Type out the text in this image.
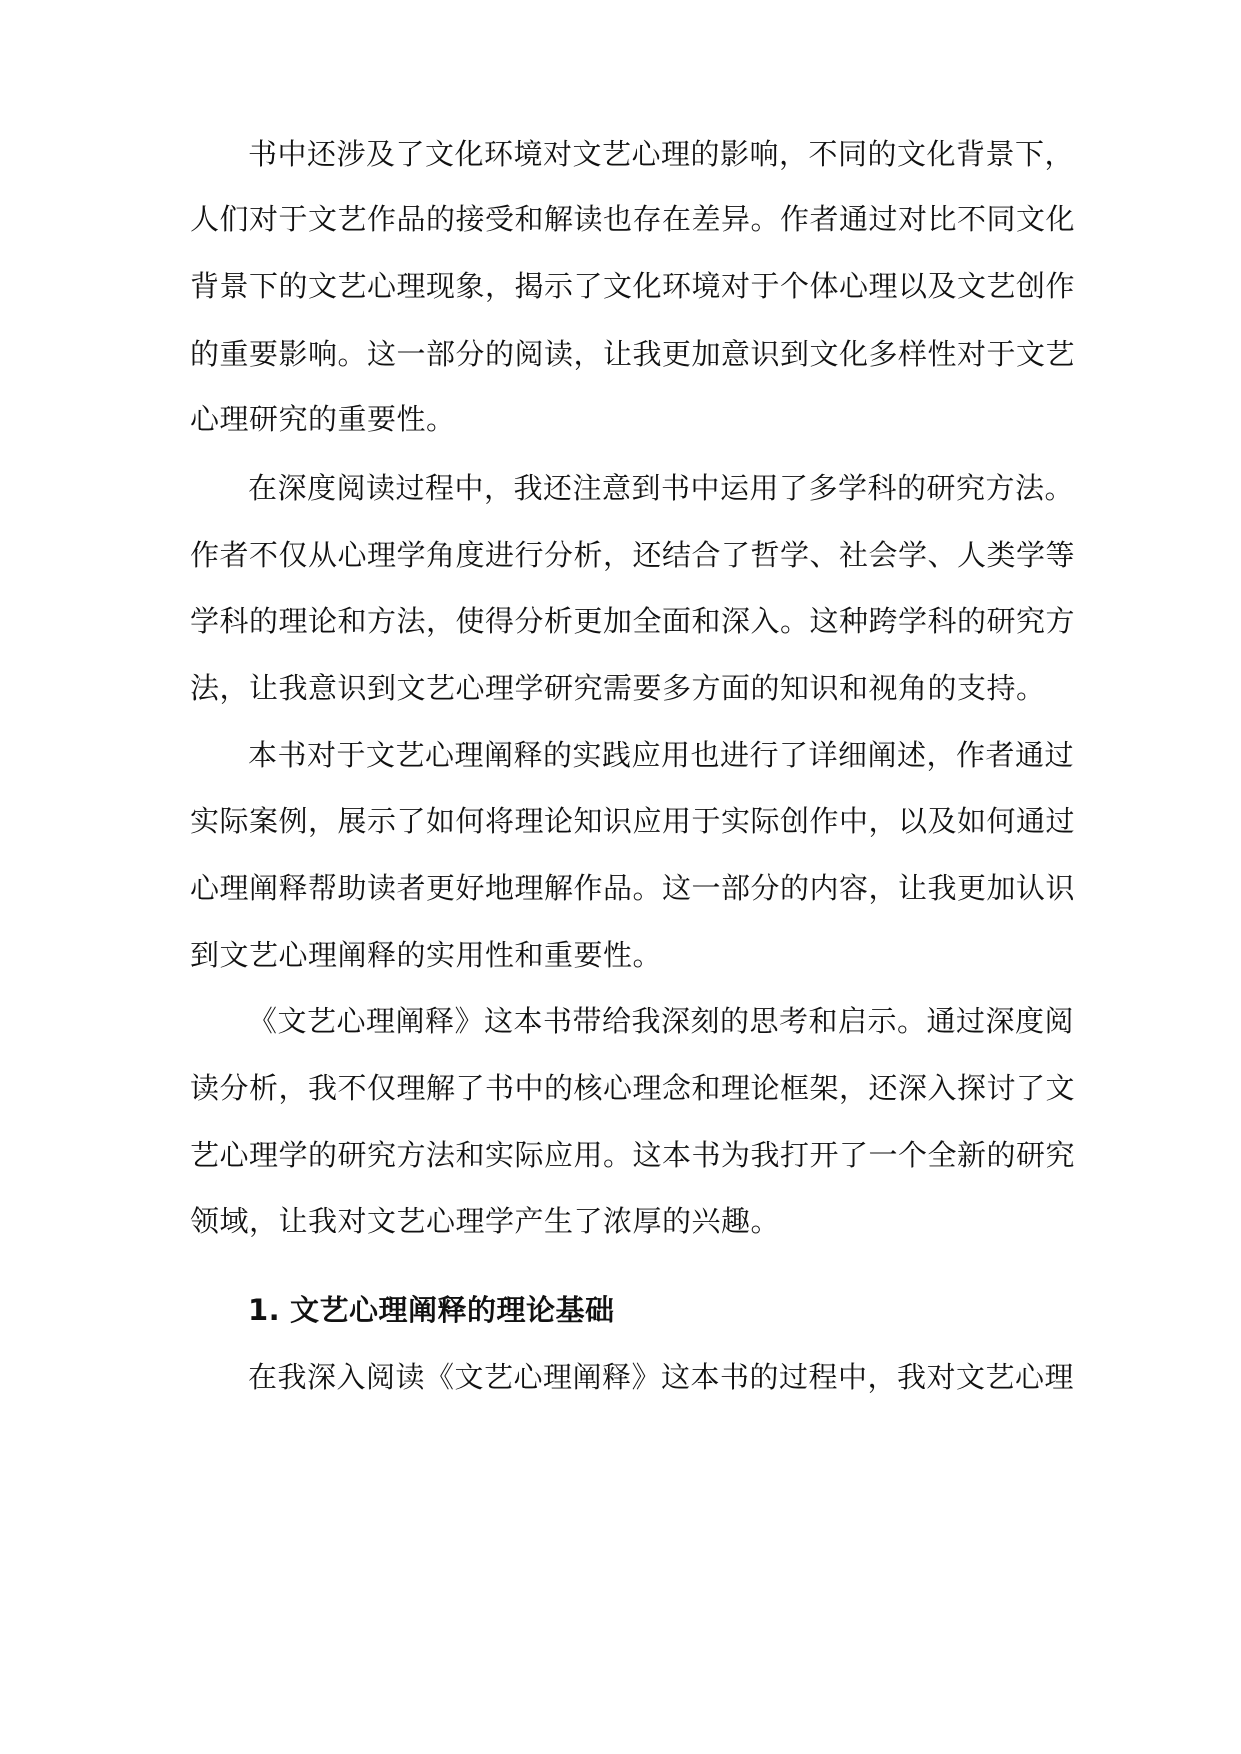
书中还涉及了文化环境对文艺心理的影响，不同的文化背景下，
人们对于文艺作品的接受和解读也存在差异。作者通过对比不同文化
背景下的文艺心理现象，揭示了文化环境对于个体心理以及文艺创作
的重要影响。这一部分的阅读，让我更加意识到文化多样性对于文艺
心理研究的重要性。
在深度阅读过程中，我还注意到书中运用了多学科的研究方法。
作者不仅从心理学角度进行分析，还结合了哲学、社会学、人类学等
学科的理论和方法，使得分析更加全面和深入。这种跨学科的研究方
法，让我意识到文艺心理学研究需要多方面的知识和视角的支持。
本书对于文艺心理阐释的实践应用也进行了详细阐述，作者通过
实际案例，展示了如何将理论知识应用于实际创作中，以及如何通过
心理阐释帮助读者更好地理解作品。这一部分的内容，让我更加认识
到文艺心理阐释的实用性和重要性。
《文艺心理阐释》这本书带给我深刻的思考和启示。通过深度阅
读分析，我不仅理解了书中的核心理念和理论框架，还深入探讨了文
艺心理学的研究方法和实际应用。这本书为我打开了一个全新的研究
领域，让我对文艺心理学产生了浓厚的兴趣。
1. 文艺心理阐释的理论基础
在我深入阅读《文艺心理阐释》这本书的过程中，我对文艺心理
